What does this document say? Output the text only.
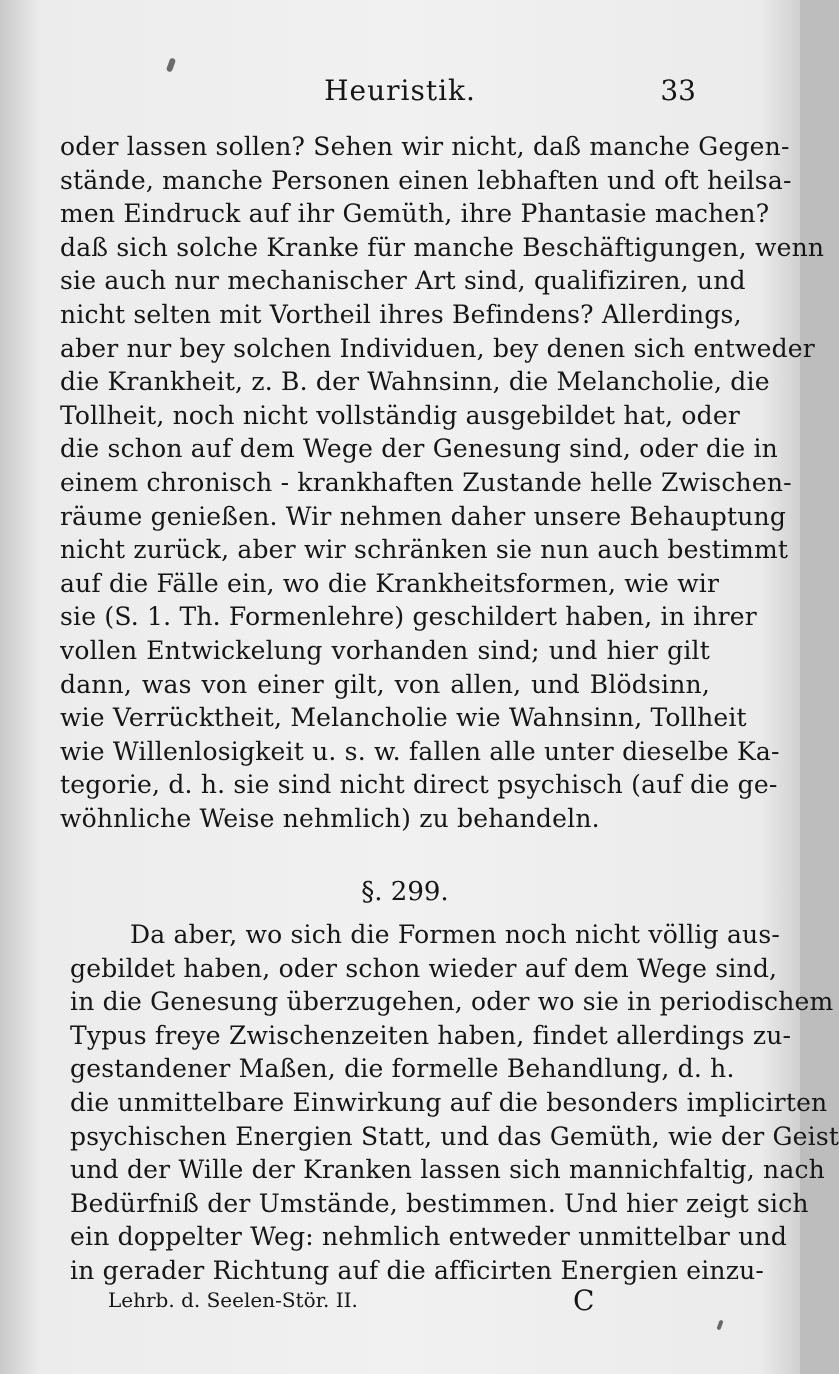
Heuristik.	33
oder lassen sollen? Sehen wir nicht, daß manche Gegen-
stände, manche Personen einen lebhaften und oft heilsa-
men Eindruck auf ihr Gemüth, ihre Phantasie machen?
daß sich solche Kranke für manche Beschäftigungen, wenn
sie auch nur mechanischer Art sind, qualifiziren, und
nicht selten mit Vortheil ihres Befindens? Allerdings,
aber nur bey solchen Individuen, bey denen sich entweder
die Krankheit, z. B. der Wahnsinn, die Melancholie, die
Tollheit, noch nicht vollständig ausgebildet hat, oder
die schon auf dem Wege der Genesung sind, oder die in
einem chronisch - krankhaften Zustande helle Zwischen-
räume genießen. Wir nehmen daher unsere Behauptung
nicht zurück, aber wir schränken sie nun auch bestimmt
auf die Fälle ein, wo die Krankheitsformen, wie wir
sie (S. 1. Th. Formenlehre) geschildert haben, in ihrer
vollen Entwickelung vorhanden sind; und hier gilt
dann, was von einer gilt, von allen, und Blödsinn,
wie Verrücktheit, Melancholie wie Wahnsinn, Tollheit
wie Willenlosigkeit u. s. w. fallen alle unter dieselbe Ka-
tegorie, d. h. sie sind nicht direct psychisch (auf die ge-
wöhnliche Weise nehmlich) zu behandeln.
§. 299.
Da aber, wo sich die Formen noch nicht völlig aus-
gebildet haben, oder schon wieder auf dem Wege sind,
in die Genesung überzugehen, oder wo sie in periodischem
Typus freye Zwischenzeiten haben, findet allerdings zu-
gestandener Maßen, die formelle Behandlung, d. h.
die unmittelbare Einwirkung auf die besonders implicirten
psychischen Energien Statt, und das Gemüth, wie der Geist
und der Wille der Kranken lassen sich mannichfaltig, nach
Bedürfniß der Umstände, bestimmen. Und hier zeigt sich
ein doppelter Weg: nehmlich entweder unmittelbar und
in gerader Richtung auf die afficirten Energien einzu-
Lehrb. d. Seelen-Stör. II.	C
